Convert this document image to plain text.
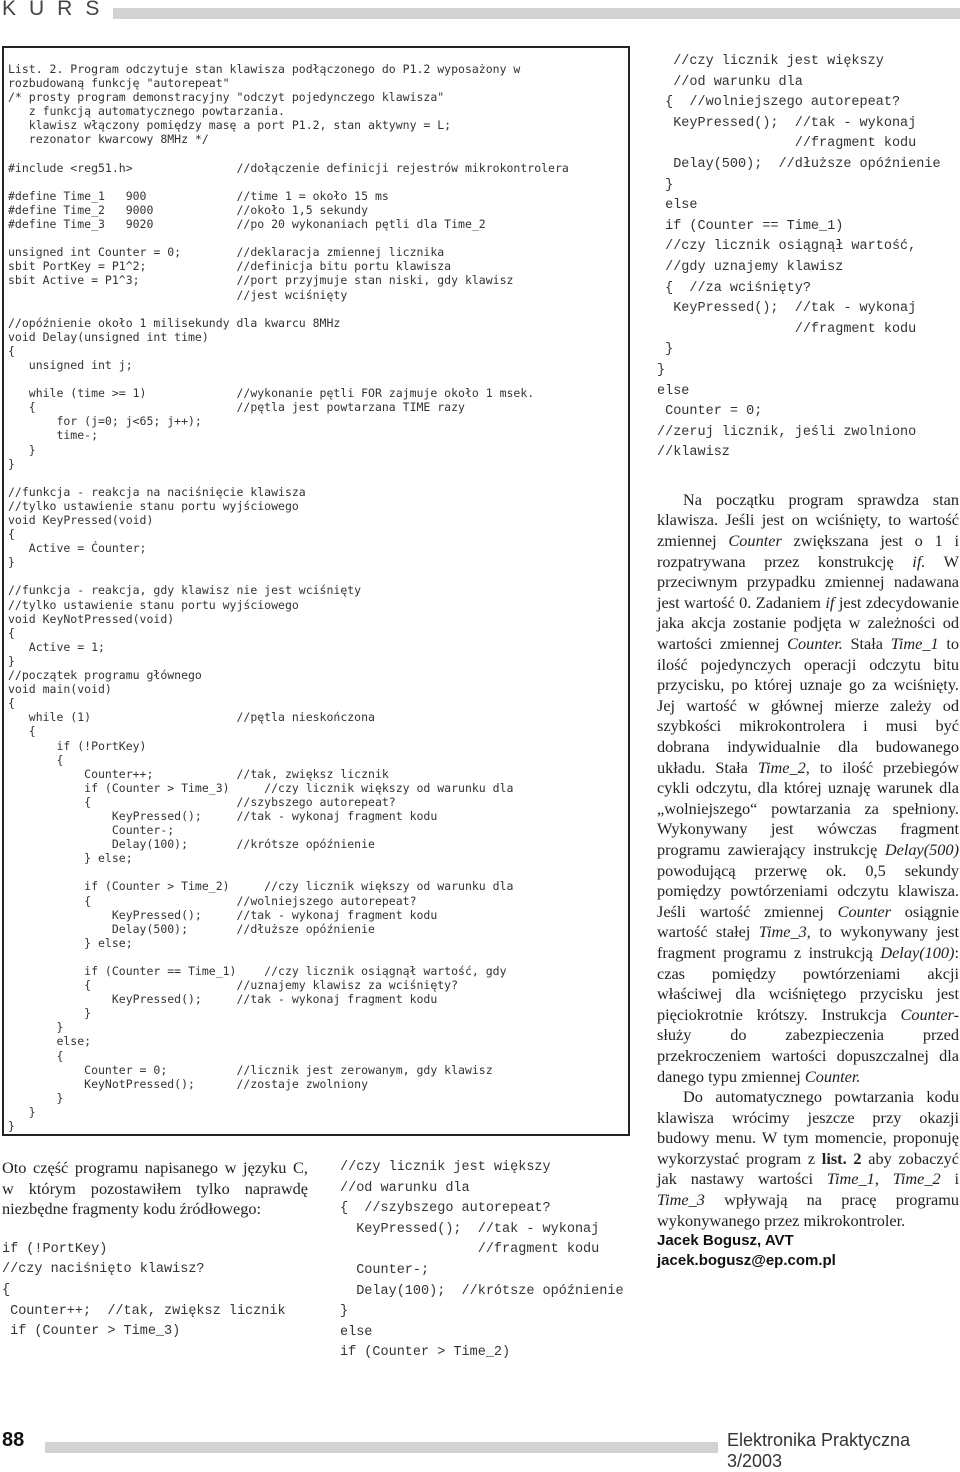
KURS
List. 2. Program odczytuje stan klawisza podłączonego do P1.2 wyposażony w
rozbudowaną funkcję "autorepeat"
/* prosty program demonstracyjny "odczyt pojedynczego klawisza"
z funkcją automatycznego powtarzania.
klawisz włączony pomiędzy masę a port P1.2, stan aktywny = L;
rezonator kwarcowy 8MHz */

#include <reg51.h>               //dołączenie definicji rejestrów mikrokontrolera

#define Time_1   900             //time 1 = około 15 ms
#define Time_2   9000            //około 1,5 sekundy
#define Time_3   9020            //po 20 wykonaniach pętli dla Time_2

unsigned int Counter = 0;        //deklaracja zmiennej licznika
sbit PortKey = P1^2;             //definicja bitu portu klawisza
sbit Active = P1^3;              //port przyjmuje stan niski, gdy klawisz
//jest wciśnięty

//opóźnienie około 1 milisekundy dla kwarcu 8MHz
void Delay(unsigned int time)
{
unsigned int j;

while (time >= 1)             //wykonanie pętli FOR zajmuje około 1 msek.
{                             //pętla jest powtarzana TIME razy
for (j=0; j<65; j++);
time-;
}
}

//funkcja - reakcja na naciśnięcie klawisza
//tylko ustawienie stanu portu wyjściowego
void KeyPressed(void)
{
Active = Ćounter;
}

//funkcja - reakcja, gdy klawisz nie jest wciśnięty
//tylko ustawienie stanu portu wyjściowego
void KeyNotPressed(void)
{
Active = 1;
}
//początek programu głównego
void main(void)
{
while (1)                     //pętla nieskończona
{
if (!PortKey)
{
Counter++;            //tak, zwiększ licznik
if (Counter > Time_3)     //czy licznik większy od warunku dla
{                     //szybszego autorepeat?
KeyPressed();     //tak - wykonaj fragment kodu
Counter-;
Delay(100);       //krótsze opóźnienie
} else;

if (Counter > Time_2)     //czy licznik większy od warunku dla
{                     //wolniejszego autorepeat?
KeyPressed();     //tak - wykonaj fragment kodu
Delay(500);       //dłuższe opóźnienie
} else;

if (Counter == Time_1)    //czy licznik osiągnął wartość, gdy
{                     //uznajemy klawisz za wciśnięty?
KeyPressed();     //tak - wykonaj fragment kodu
}
}
else;
{
Counter = 0;          //licznik jest zerowanym, gdy klawisz
KeyNotPressed();      //zostaje zwolniony
}
}
}

Oto część programu napisanego w języku C, w którym pozostawiłem tylko naprawdę niezbędne fragmenty kodu źródłowego:

if (!PortKey)
//czy naciśnięto klawisz?
{
Counter++;  //tak, zwiększ licznik
if (Counter > Time_3)
//czy licznik jest większy
//od warunku dla
{  //szybszego autorepeat?
KeyPressed();  //tak - wykonaj
//fragment kodu
Counter-;
Delay(100);  //krótsze opóźnienie
}
else
if (Counter > Time_2)
//czy licznik jest większy
//od warunku dla
{  //wolniejszego autorepeat?
KeyPressed();  //tak - wykonaj
//fragment kodu
Delay(500);  //dłuższe opóźnienie
}
else
if (Counter == Time_1)
//czy licznik osiągnął wartość,
//gdy uznajemy klawisz
{  //za wciśnięty?
KeyPressed();  //tak - wykonaj
//fragment kodu
}
}
else
Counter = 0;
//zeruj licznik, jeśli zwolniono
//klawisz

Na początku program sprawdza stan klawisza. Jeśli jest on wciśnięty, to wartość zmiennej Counter zwiększana jest o 1 i rozpatrywana przez konstrukcję if. W przeciwnym przypadku zmiennej nadawana jest wartość 0. Zadaniem if jest zdecydowanie jaka akcja zostanie podjęta w zależności od wartości zmiennej Counter. Stała Time_1 to ilość pojedynczych operacji odczytu bitu przycisku, po której uznaje go za wciśnięty. Jej wartość w głównej mierze zależy od szybkości mikrokontrolera i musi być dobrana indywidualnie dla budowanego układu. Stała Time_2, to ilość przebiegów cykli odczytu, dla której uznaję warunek dla „wolniejszego“ powtarzania za spełniony. Wykonywany jest wówczas fragment programu zawierający instrukcję Delay(500) powodującą przerwę ok. 0,5 sekundy pomiędzy powtórzeniami odczytu klawisza. Jeśli wartość zmiennej Counter osiągnie wartość stałej Time_3, to wykonywany jest fragment programu z instrukcją Delay(100): czas pomiędzy powtórzeniami akcji właściwej dla wciśniętego przycisku jest pięciokrotnie krótszy. Instrukcja Counter- służy do zabezpieczenia przed przekroczeniem wartości dopuszczalnej dla danego typu zmiennej Counter.

Do automatycznego powtarzania kodu klawisza wrócimy jeszcze przy okazji budowy menu. W tym momencie, proponuję wykorzystać program z list. 2 aby zobaczyć jak nastawy wartości Time_1, Time_2 i Time_3 wpływają na pracę programu wykonywanego przez mikrokontroler.

Jacek Bogusz, AVT
jacek.bogusz@ep.com.pl
88	Elektronika Praktyczna 3/2003
